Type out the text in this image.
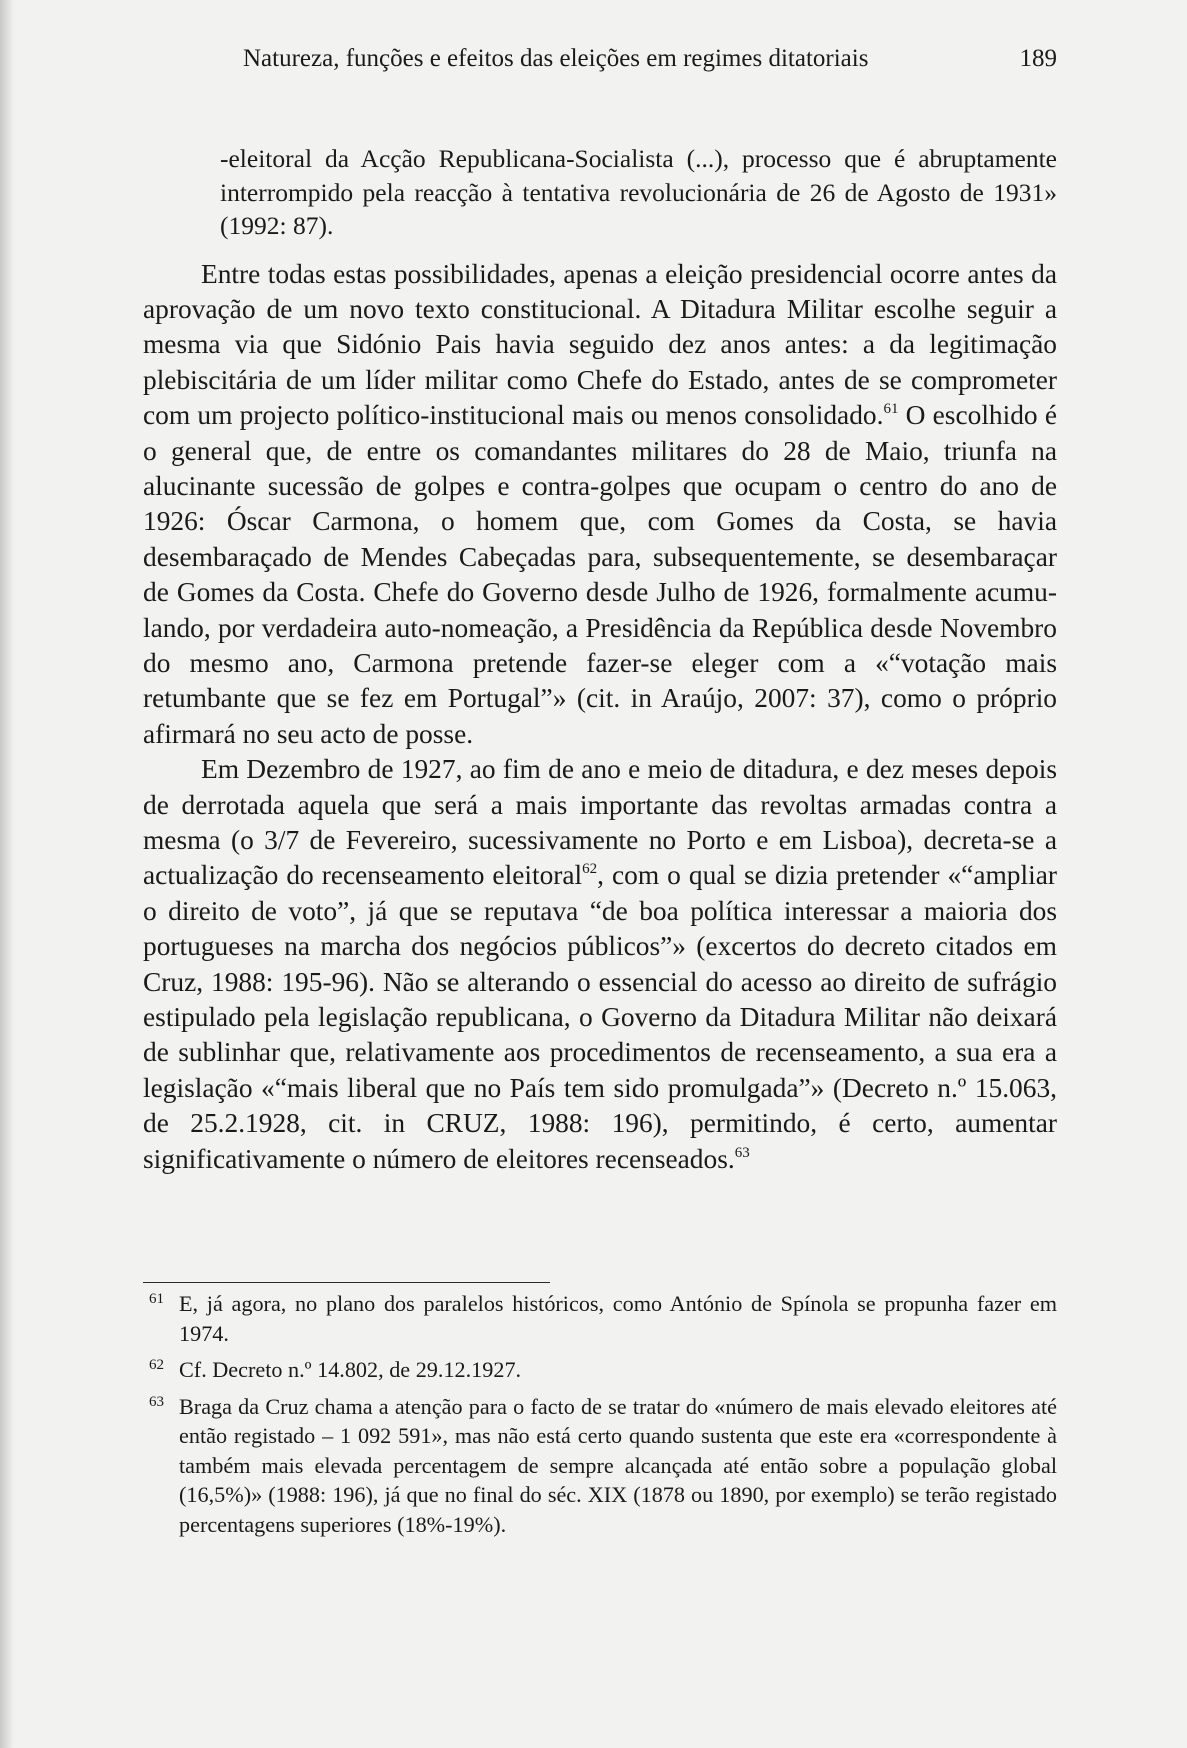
Natureza, funções e efeitos das eleições em regimes ditatoriais	189

-eleitoral da Acção Republicana-Socialista (...), processo que é abruptamente interrompido pela reacção à tentativa revolucionária de 26 de Agosto de 1931» (1992: 87).

Entre todas estas possibilidades, apenas a eleição presidencial ocorre antes da aprovação de um novo texto constitucional. A Ditadura Militar escolhe seguir a mesma via que Sidónio Pais havia seguido dez anos antes: a da legitimação plebiscitária de um líder militar como Chefe do Estado, antes de se comprometer com um projecto político-institucional mais ou menos consolidado.$^{61}$ O escolhido é o general que, de entre os comandantes militares do 28 de Maio, triunfa na alucinante sucessão de golpes e contra-golpes que ocupam o centro do ano de 1926: Óscar Carmona, o homem que, com Gomes da Costa, se havia desembaraçado de Mendes Cabeçadas para, subsequentemente, se desembaraçar de Gomes da Costa. Chefe do Governo desde Julho de 1926, formalmente acumulando, por verdadeira auto-nomeação, a Presidência da República desde Novembro do mesmo ano, Carmona pretende fazer-se eleger com a «“votação mais retumbante que se fez em Portugal”» (cit. in Araújo, 2007: 37), como o próprio afirmará no seu acto de posse.

Em Dezembro de 1927, ao fim de ano e meio de ditadura, e dez meses depois de derrotada aquela que será a mais importante das revoltas armadas contra a mesma (o 3/7 de Fevereiro, sucessivamente no Porto e em Lisboa), decreta-se a actualização do recenseamento eleitoral$^{62}$, com o qual se dizia pretender «“ampliar o direito de voto”, já que se reputava “de boa política interessar a maioria dos portugueses na marcha dos negócios públicos”» (excertos do decreto citados em Cruz, 1988: 195-96). Não se alterando o essencial do acesso ao direito de sufrágio estipulado pela legislação republicana, o Governo da Ditadura Militar não deixará de sublinhar que, relativamente aos procedimentos de recenseamento, a sua era a legislação «“mais liberal que no País tem sido promulgada”» (Decreto n.º 15.063, de 25.2.1928, cit. in CRUZ, 1988: 196), permitindo, é certo, aumentar significativamente o número de eleitores recenseados.$^{63}$

61 E, já agora, no plano dos paralelos históricos, como António de Spínola se propunha fazer em 1974.

62 Cf. Decreto n.º 14.802, de 29.12.1927.

63 Braga da Cruz chama a atenção para o facto de se tratar do «número de mais elevado eleitores até então registado – 1 092 591», mas não está certo quando sustenta que este era «correspondente à também mais elevada percentagem de sempre alcançada até então sobre a população global (16,5%)» (1988: 196), já que no final do séc. XIX (1878 ou 1890, por exemplo) se terão registado percentagens superiores (18%-19%).
